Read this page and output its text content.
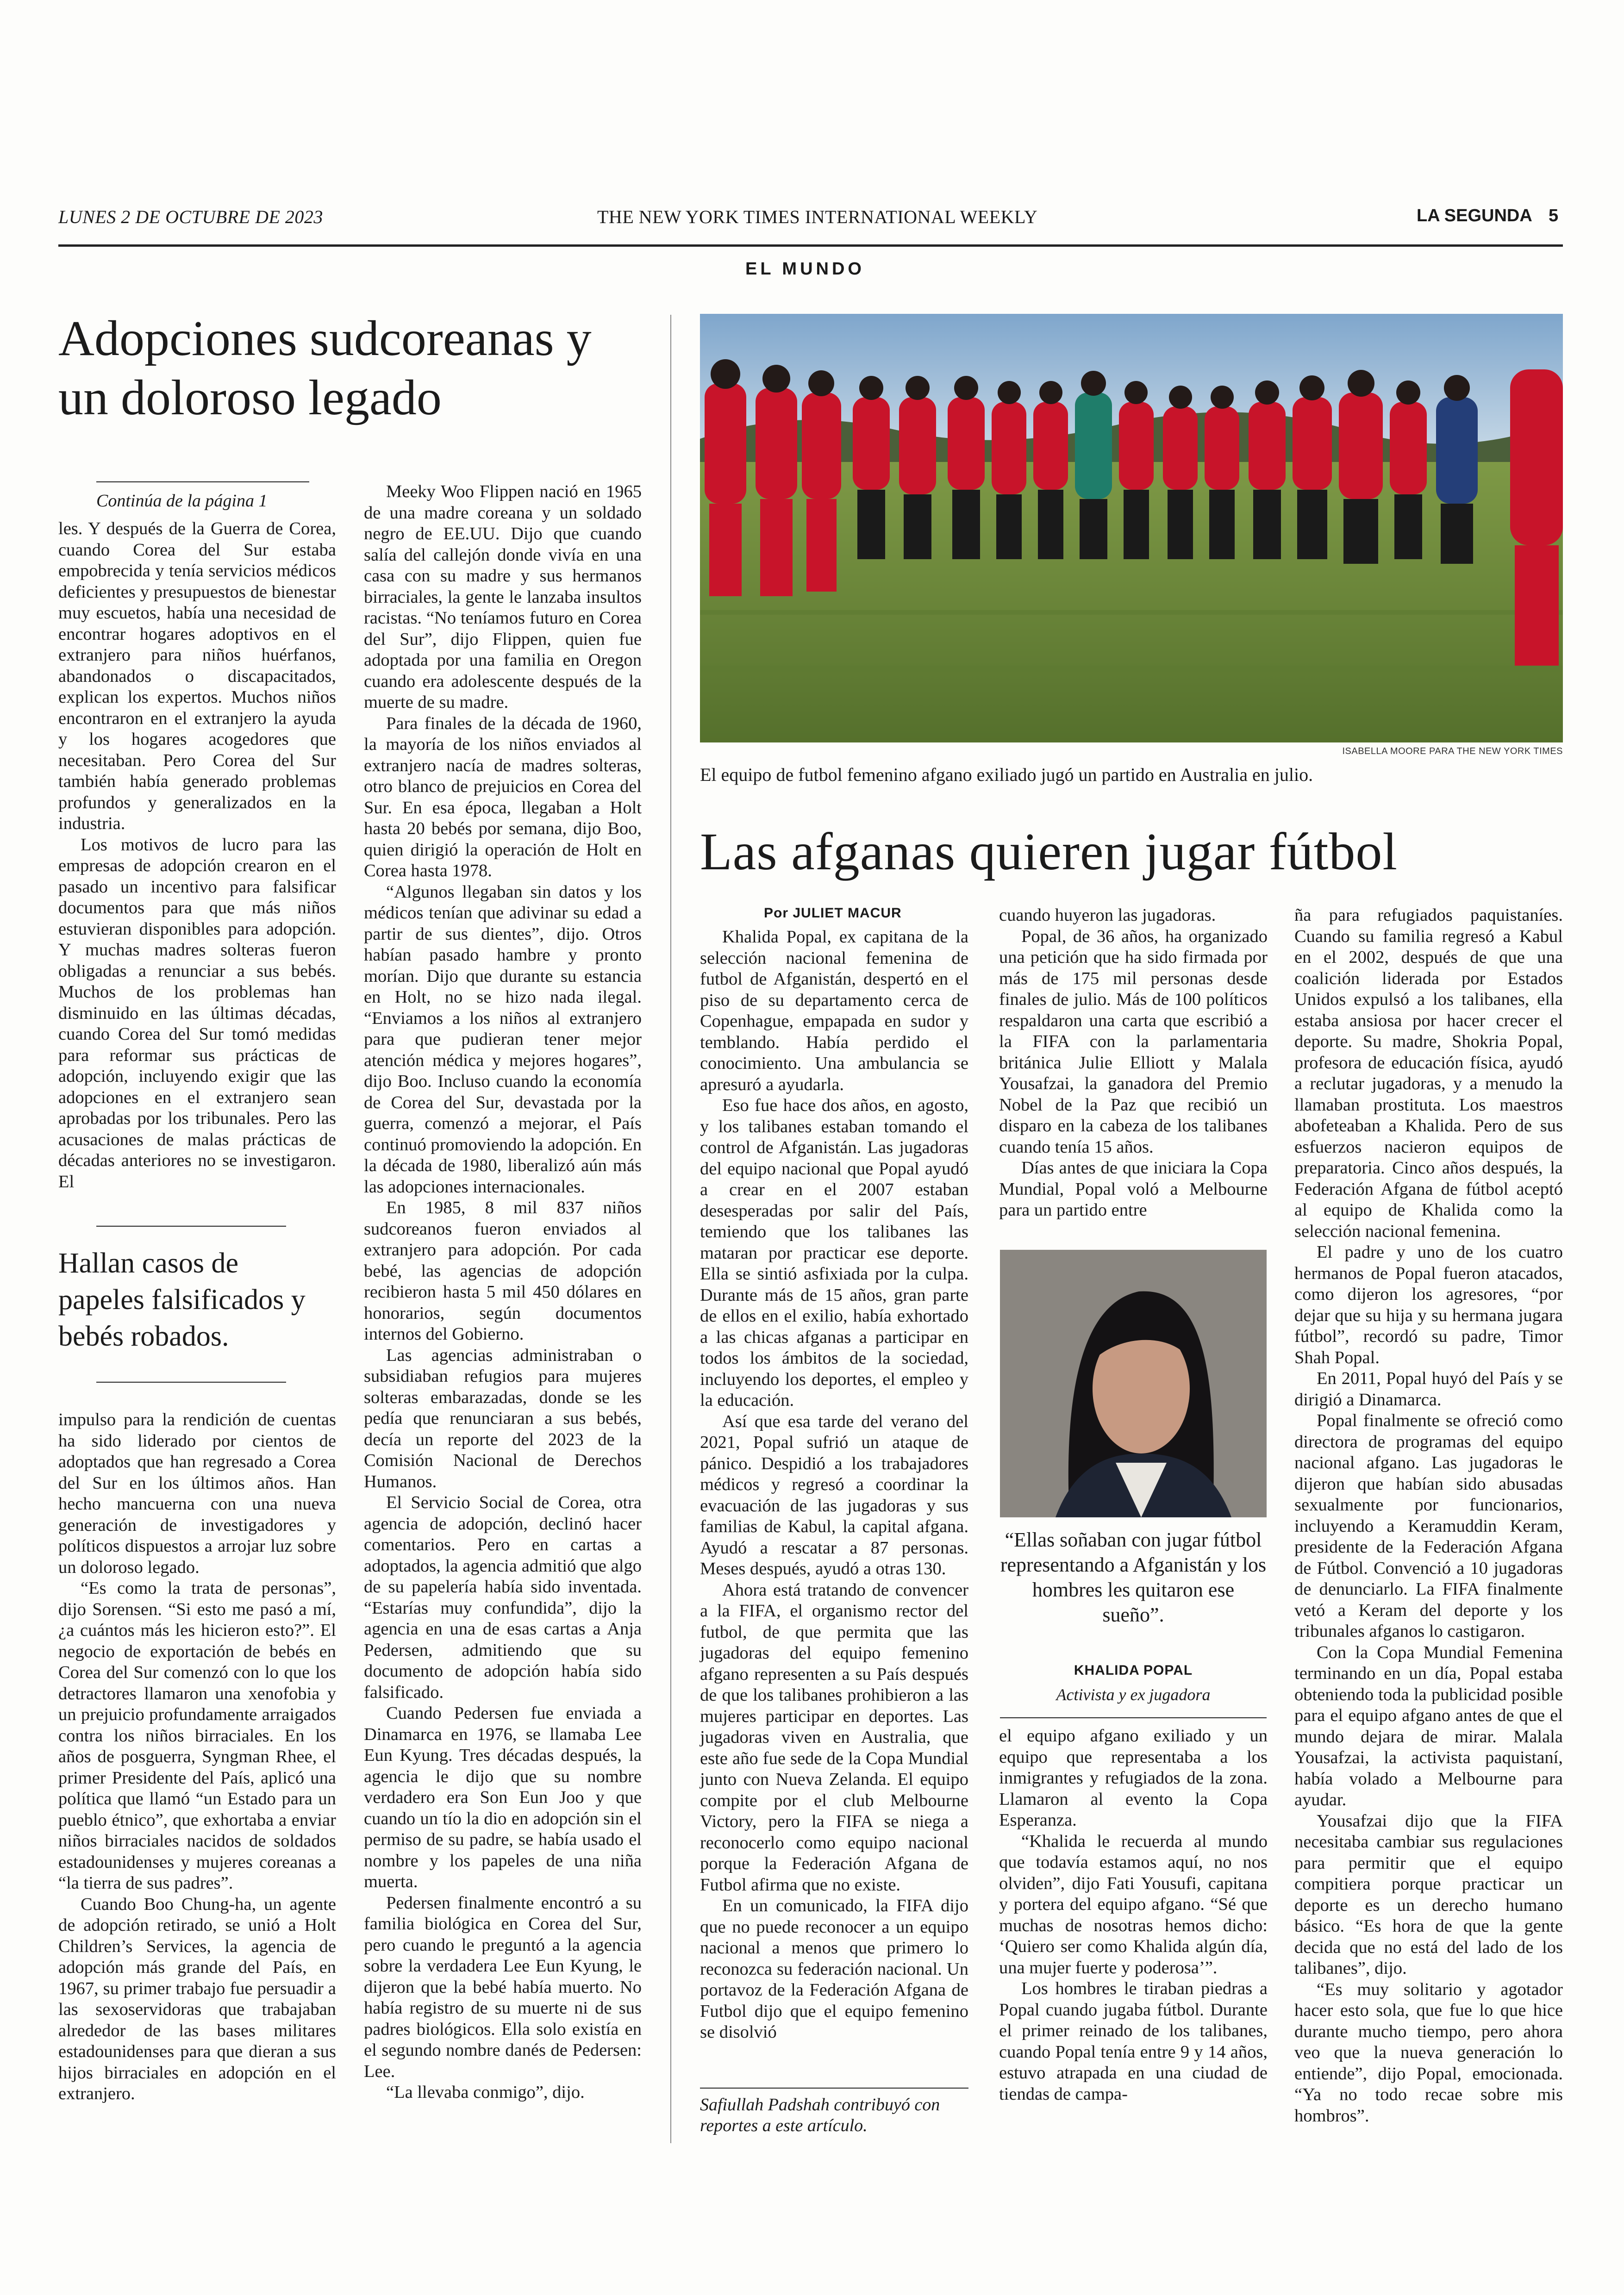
LUNES 2 DE OCTUBRE DE 2023	THE NEW YORK TIMES INTERNATIONAL WEEKLY	LA SEGUNDA 5
EL MUNDO
Adopciones sudcoreanas y un doloroso legado
Continúa de la página 1

les. Y después de la Guerra de Corea, cuando Corea del Sur estaba empobrecida y tenía servicios médicos deficientes y presupuestos de bienestar muy escuetos, había una necesidad de encontrar hogares adoptivos en el extranjero para niños huérfanos, abandonados o discapacitados, explican los expertos. Muchos niños encontraron en el extranjero la ayuda y los hogares acogedores que necesitaban. Pero Corea del Sur también había generado problemas profundos y generalizados en la industria.

Los motivos de lucro para las empresas de adopción crearon en el pasado un incentivo para falsificar documentos para que más niños estuvieran disponibles para adopción. Y muchas madres solteras fueron obligadas a renunciar a sus bebés. Muchos de los problemas han disminuido en las últimas décadas, cuando Corea del Sur tomó medidas para reformar sus prácticas de adopción, incluyendo exigir que las adopciones en el extranjero sean aprobadas por los tribunales. Pero las acusaciones de malas prácticas de décadas anteriores no se investigaron. El

Hallan casos de papeles falsificados y bebés robados.

impulso para la rendición de cuentas ha sido liderado por cientos de adoptados que han regresado a Corea del Sur en los últimos años. Han hecho mancuerna con una nueva generación de investigadores y políticos dispuestos a arrojar luz sobre un doloroso legado.

“Es como la trata de personas”, dijo Sorensen. “Si esto me pasó a mí, ¿a cuántos más les hicieron esto?”. El negocio de exportación de bebés en Corea del Sur comenzó con lo que los detractores llamaron una xenofobia y un prejuicio profundamente arraigados contra los niños birraciales. En los años de posguerra, Syngman Rhee, el primer Presidente del País, aplicó una política que llamó “un Estado para un pueblo étnico”, que exhortaba a enviar niños birraciales nacidos de soldados estadounidenses y mujeres coreanas a “la tierra de sus padres”.

Cuando Boo Chung-ha, un agente de adopción retirado, se unió a Holt Children’s Services, la agencia de adopción más grande del País, en 1967, su primer trabajo fue persuadir a las sexoservidoras que trabajaban alrededor de las bases militares estadounidenses para que dieran a sus hijos birraciales en adopción en el extranjero.

Meeky Woo Flippen nació en 1965 de una madre coreana y un soldado negro de EE.UU. Dijo que cuando salía del callejón donde vivía en una casa con su madre y sus hermanos birraciales, la gente le lanzaba insultos racistas. “No teníamos futuro en Corea del Sur”, dijo Flippen, quien fue adoptada por una familia en Oregon cuando era adolescente después de la muerte de su madre.

Para finales de la década de 1960, la mayoría de los niños enviados al extranjero nacía de madres solteras, otro blanco de prejuicios en Corea del Sur. En esa época, llegaban a Holt hasta 20 bebés por semana, dijo Boo, quien dirigió la operación de Holt en Corea hasta 1978.

“Algunos llegaban sin datos y los médicos tenían que adivinar su edad a partir de sus dientes”, dijo. Otros habían pasado hambre y pronto morían. Dijo que durante su estancia en Holt, no se hizo nada ilegal. “Enviamos a los niños al extranjero para que pudieran tener mejor atención médica y mejores hogares”, dijo Boo. Incluso cuando la economía de Corea del Sur, devastada por la guerra, comenzó a mejorar, el País continuó promoviendo la adopción. En la década de 1980, liberalizó aún más las adopciones internacionales.

En 1985, 8 mil 837 niños sudcoreanos fueron enviados al extranjero para adopción. Por cada bebé, las agencias de adopción recibieron hasta 5 mil 450 dólares en honorarios, según documentos internos del Gobierno.

Las agencias administraban o subsidiaban refugios para mujeres solteras embarazadas, donde se les pedía que renunciaran a sus bebés, decía un reporte del 2023 de la Comisión Nacional de Derechos Humanos.

El Servicio Social de Corea, otra agencia de adopción, declinó hacer comentarios. Pero en cartas a adoptados, la agencia admitió que algo de su papelería había sido inventada. “Estarías muy confundida”, dijo la agencia en una de esas cartas a Anja Pedersen, admitiendo que su documento de adopción había sido falsificado.

Cuando Pedersen fue enviada a Dinamarca en 1976, se llamaba Lee Eun Kyung. Tres décadas después, la agencia le dijo que su nombre verdadero era Son Eun Joo y que cuando un tío la dio en adopción sin el permiso de su padre, se había usado el nombre y los papeles de una niña muerta.

Pedersen finalmente encontró a su familia biológica en Corea del Sur, pero cuando le preguntó a la agencia sobre la verdadera Lee Eun Kyung, le dijeron que la bebé había muerto. No había registro de su muerte ni de sus padres biológicos. Ella solo existía en el segundo nombre danés de Pedersen: Lee.

“La llevaba conmigo”, dijo.

ISABELLA MOORE PARA THE NEW YORK TIMES
El equipo de futbol femenino afgano exiliado jugó un partido en Australia en julio.
Las afganas quieren jugar fútbol
Por JULIET MACUR

Khalida Popal, ex capitana de la selección nacional femenina de futbol de Afganistán, despertó en el piso de su departamento cerca de Copenhague, empapada en sudor y temblando. Había perdido el conocimiento. Una ambulancia se apresuró a ayudarla.

Eso fue hace dos años, en agosto, y los talibanes estaban tomando el control de Afganistán. Las jugadoras del equipo nacional que Popal ayudó a crear en el 2007 estaban desesperadas por salir del País, temiendo que los talibanes las mataran por practicar ese deporte. Ella se sintió asfixiada por la culpa. Durante más de 15 años, gran parte de ellos en el exilio, había exhortado a las chicas afganas a participar en todos los ámbitos de la sociedad, incluyendo los deportes, el empleo y la educación.

Así que esa tarde del verano del 2021, Popal sufrió un ataque de pánico. Despidió a los trabajadores médicos y regresó a coordinar la evacuación de las jugadoras y sus familias de Kabul, la capital afgana. Ayudó a rescatar a 87 personas. Meses después, ayudó a otras 130.

Ahora está tratando de convencer a la FIFA, el organismo rector del futbol, de que permita que las jugadoras del equipo femenino afgano representen a su País después de que los talibanes prohibieron a las mujeres participar en deportes. Las jugadoras viven en Australia, que este año fue sede de la Copa Mundial junto con Nueva Zelanda. El equipo compite por el club Melbourne Victory, pero la FIFA se niega a reconocerlo como equipo nacional porque la Federación Afgana de Futbol afirma que no existe.

En un comunicado, la FIFA dijo que no puede reconocer a un equipo nacional a menos que primero lo reconozca su federación nacional. Un portavoz de la Federación Afgana de Futbol dijo que el equipo femenino se disolvió

Safiullah Padshah contribuyó con reportes a este artículo.

cuando huyeron las jugadoras.

Popal, de 36 años, ha organizado una petición que ha sido firmada por más de 175 mil personas desde finales de julio. Más de 100 políticos respaldaron una carta que escribió a la FIFA con la parlamentaria británica Julie Elliott y Malala Yousafzai, la ganadora del Premio Nobel de la Paz que recibió un disparo en la cabeza de los talibanes cuando tenía 15 años.

Días antes de que iniciara la Copa Mundial, Popal voló a Melbourne para un partido entre

“Ellas soñaban con jugar fútbol representando a Afganistán y los hombres les quitaron ese sueño”.
KHALIDA POPAL
Activista y ex jugadora

el equipo afgano exiliado y un equipo que representaba a los inmigrantes y refugiados de la zona. Llamaron al evento la Copa Esperanza.

“Khalida le recuerda al mundo que todavía estamos aquí, no nos olviden”, dijo Fati Yousufi, capitana y portera del equipo afgano. “Sé que muchas de nosotras hemos dicho: ‘Quiero ser como Khalida algún día, una mujer fuerte y poderosa’”.

Los hombres le tiraban piedras a Popal cuando jugaba fútbol. Durante el primer reinado de los talibanes, cuando Popal tenía entre 9 y 14 años, estuvo atrapada en una ciudad de tiendas de campa-

ña para refugiados paquistaníes. Cuando su familia regresó a Kabul en el 2002, después de que una coalición liderada por Estados Unidos expulsó a los talibanes, ella estaba ansiosa por hacer crecer el deporte. Su madre, Shokria Popal, profesora de educación física, ayudó a reclutar jugadoras, y a menudo la llamaban prostituta. Los maestros abofeteaban a Khalida. Pero de sus esfuerzos nacieron equipos de preparatoria. Cinco años después, la Federación Afgana de fútbol aceptó al equipo de Khalida como la selección nacional femenina.

El padre y uno de los cuatro hermanos de Popal fueron atacados, como dijeron los agresores, “por dejar que su hija y su hermana jugara fútbol”, recordó su padre, Timor Shah Popal.

En 2011, Popal huyó del País y se dirigió a Dinamarca.

Popal finalmente se ofreció como directora de programas del equipo nacional afgano. Las jugadoras le dijeron que habían sido abusadas sexualmente por funcionarios, incluyendo a Keramuddin Keram, presidente de la Federación Afgana de Fútbol. Convenció a 10 jugadoras de denunciarlo. La FIFA finalmente vetó a Keram del deporte y los tribunales afganos lo castigaron.

Con la Copa Mundial Femenina terminando en un día, Popal estaba obteniendo toda la publicidad posible para el equipo afgano antes de que el mundo dejara de mirar. Malala Yousafzai, la activista paquistaní, había volado a Melbourne para ayudar.

Yousafzai dijo que la FIFA necesitaba cambiar sus regulaciones para permitir que el equipo compitiera porque practicar un deporte es un derecho humano básico. “Es hora de que la gente decida que no está del lado de los talibanes”, dijo.

“Es muy solitario y agotador hacer esto sola, que fue lo que hice durante mucho tiempo, pero ahora veo que la nueva generación lo entiende”, dijo Popal, emocionada. “Ya no todo recae sobre mis hombros”.
